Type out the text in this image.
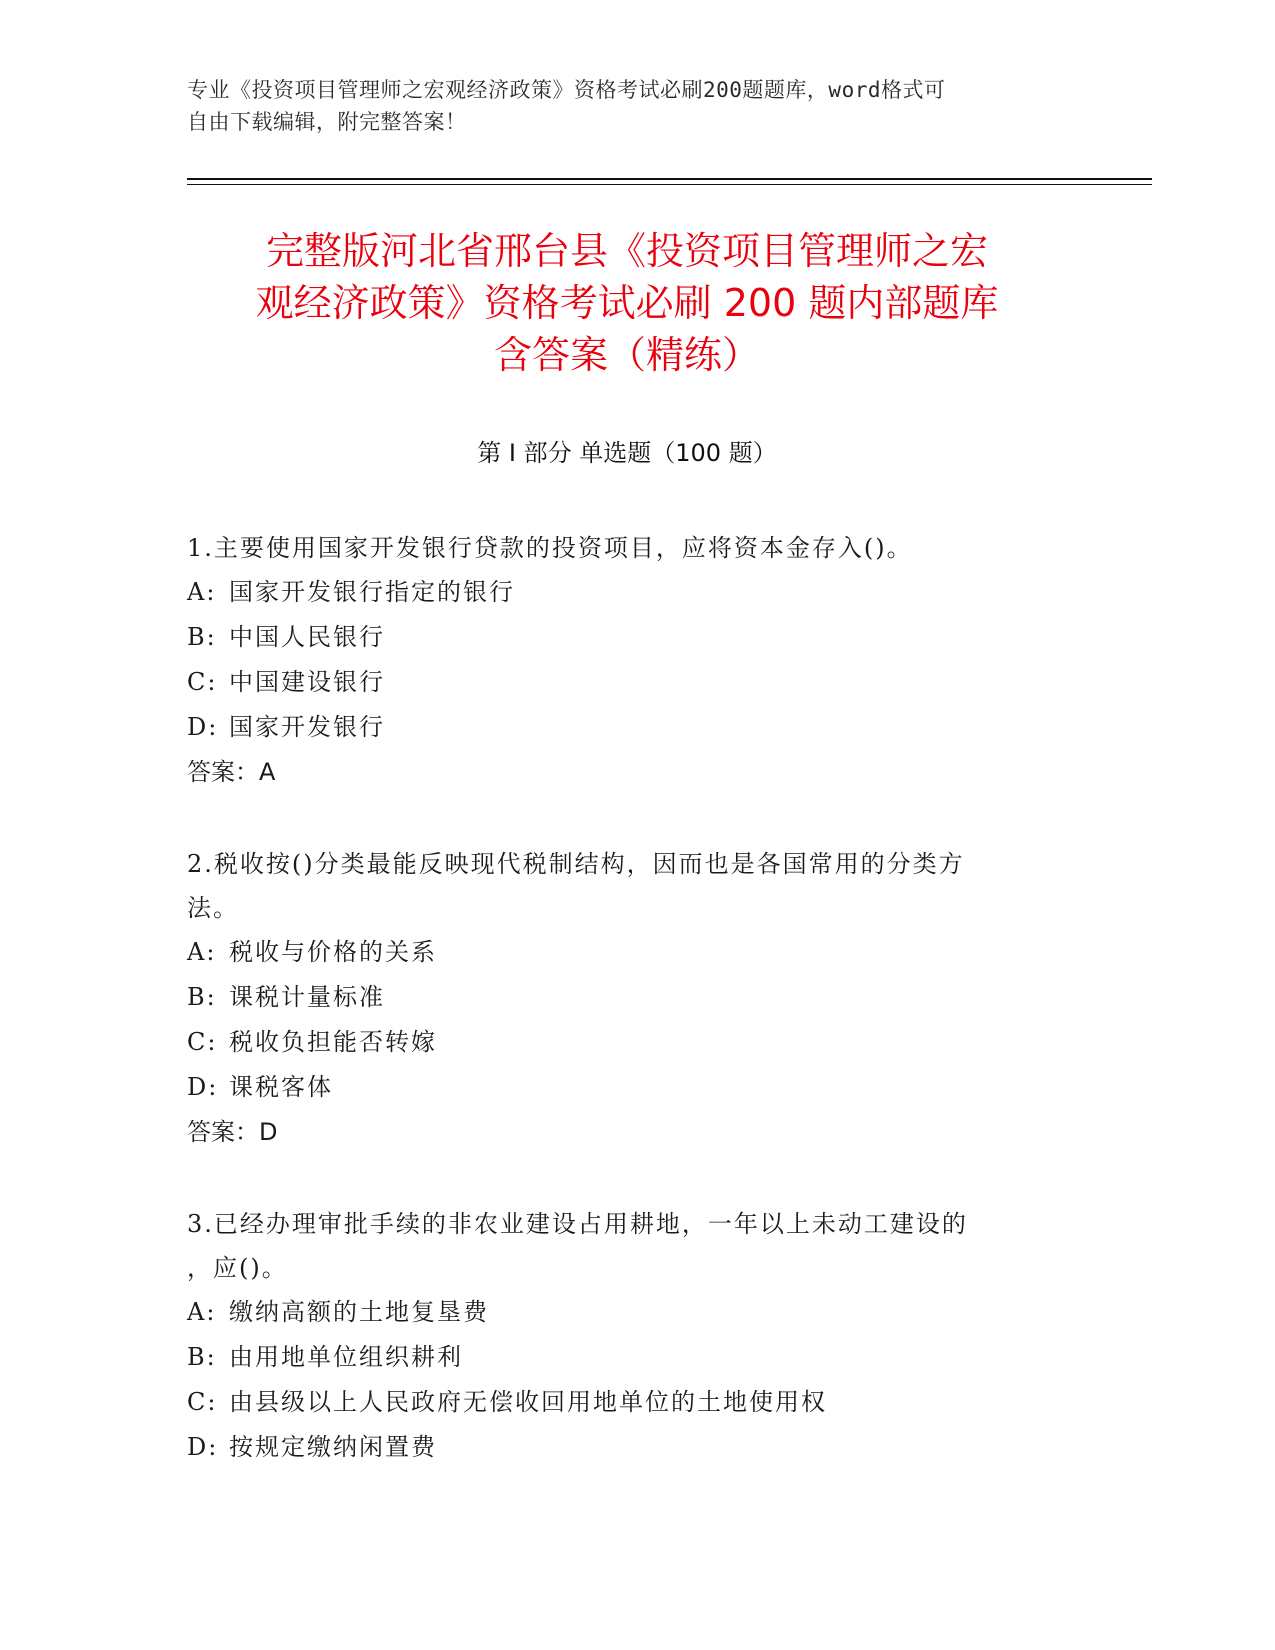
专业《投资项目管理师之宏观经济政策》资格考试必刷200题题库，word格式可
自由下载编辑，附完整答案！
完整版河北省邢台县《投资项目管理师之宏
观经济政策》资格考试必刷 200 题内部题库
含答案（精练）
第 I 部分 单选题（100 题）
1.主要使用国家开发银行贷款的投资项目，应将资本金存入()。
A: 国家开发银行指定的银行
B: 中国人民银行
C: 中国建设银行
D: 国家开发银行
答案：A
2.税收按()分类最能反映现代税制结构，因而也是各国常用的分类方
法。
A: 税收与价格的关系
B: 课税计量标准
C: 税收负担能否转嫁
D: 课税客体
答案：D
3.已经办理审批手续的非农业建设占用耕地，一年以上未动工建设的
，应()。
A: 缴纳高额的土地复垦费
B: 由用地单位组织耕利
C: 由县级以上人民政府无偿收回用地单位的土地使用权
D: 按规定缴纳闲置费
